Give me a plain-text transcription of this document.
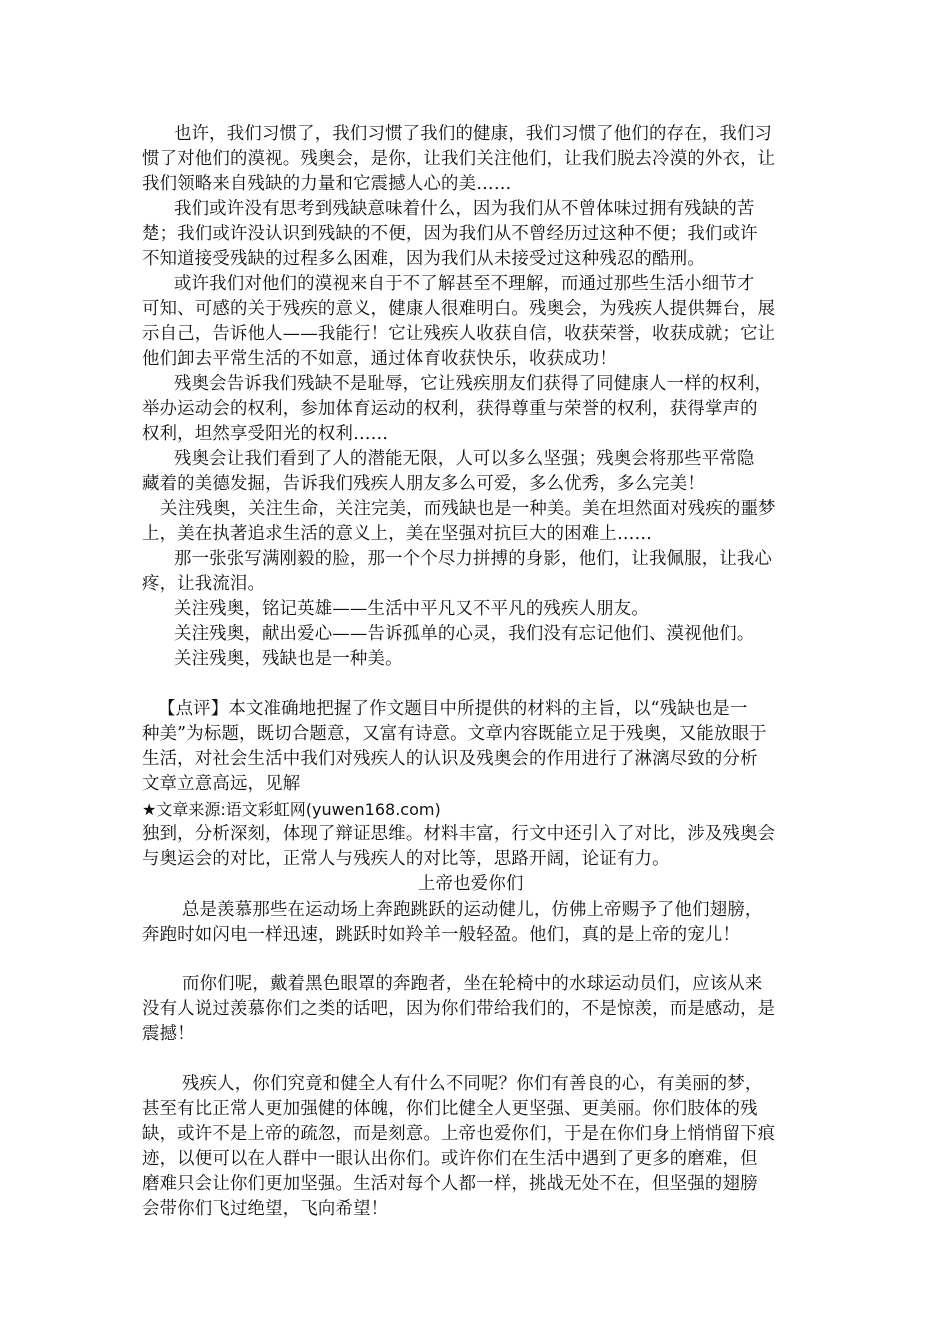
也许，我们习惯了，我们习惯了我们的健康，我们习惯了他们的存在，我们习
惯了对他们的漠视。残奥会，是你，让我们关注他们，让我们脱去冷漠的外衣，让
我们领略来自残缺的力量和它震撼人心的美……
我们或许没有思考到残缺意味着什么，因为我们从不曾体味过拥有残缺的苦
楚；我们或许没认识到残缺的不便，因为我们从不曾经历过这种不便；我们或许
不知道接受残缺的过程多么困难，因为我们从未接受过这种残忍的酷刑。
或许我们对他们的漠视来自于不了解甚至不理解，而通过那些生活小细节才
可知、可感的关于残疾的意义，健康人很难明白。残奥会，为残疾人提供舞台，展
示自己，告诉他人——我能行！它让残疾人收获自信，收获荣誉，收获成就；它让
他们卸去平常生活的不如意，通过体育收获快乐，收获成功！
残奥会告诉我们残缺不是耻辱，它让残疾朋友们获得了同健康人一样的权利，
举办运动会的权利，参加体育运动的权利，获得尊重与荣誉的权利，获得掌声的
权利，坦然享受阳光的权利……
残奥会让我们看到了人的潜能无限，人可以多么坚强；残奥会将那些平常隐
藏着的美德发掘，告诉我们残疾人朋友多么可爱，多么优秀，多么完美！
关注残奥，关注生命，关注完美，而残缺也是一种美。美在坦然面对残疾的噩梦
上，美在执著追求生活的意义上，美在坚强对抗巨大的困难上……
那一张张写满刚毅的脸，那一个个尽力拼搏的身影，他们，让我佩服，让我心
疼，让我流泪。
关注残奥，铭记英雄——生活中平凡又不平凡的残疾人朋友。
关注残奥，献出爱心——告诉孤单的心灵，我们没有忘记他们、漠视他们。
关注残奥，残缺也是一种美。
【点评】本文准确地把握了作文题目中所提供的材料的主旨，以“残缺也是一
种美”为标题，既切合题意，又富有诗意。文章内容既能立足于残奥，又能放眼于
生活，对社会生活中我们对残疾人的认识及残奥会的作用进行了淋漓尽致的分析
文章立意高远，见解
★文章来源:语文彩虹网(yuwen168.com)
独到，分析深刻，体现了辩证思维。材料丰富，行文中还引入了对比，涉及残奥会
与奥运会的对比，正常人与残疾人的对比等，思路开阔，论证有力。
上帝也爱你们
总是羡慕那些在运动场上奔跑跳跃的运动健儿，仿佛上帝赐予了他们翅膀，
奔跑时如闪电一样迅速，跳跃时如羚羊一般轻盈。他们，真的是上帝的宠儿！
而你们呢，戴着黑色眼罩的奔跑者，坐在轮椅中的水球运动员们，应该从来
没有人说过羡慕你们之类的话吧，因为你们带给我们的，不是惊羡，而是感动，是
震撼！
残疾人，你们究竟和健全人有什么不同呢？你们有善良的心，有美丽的梦，
甚至有比正常人更加强健的体魄，你们比健全人更坚强、更美丽。你们肢体的残
缺，或许不是上帝的疏忽，而是刻意。上帝也爱你们，于是在你们身上悄悄留下痕
迹，以便可以在人群中一眼认出你们。或许你们在生活中遇到了更多的磨难，但
磨难只会让你们更加坚强。生活对每个人都一样，挑战无处不在，但坚强的翅膀
会带你们飞过绝望，飞向希望！
